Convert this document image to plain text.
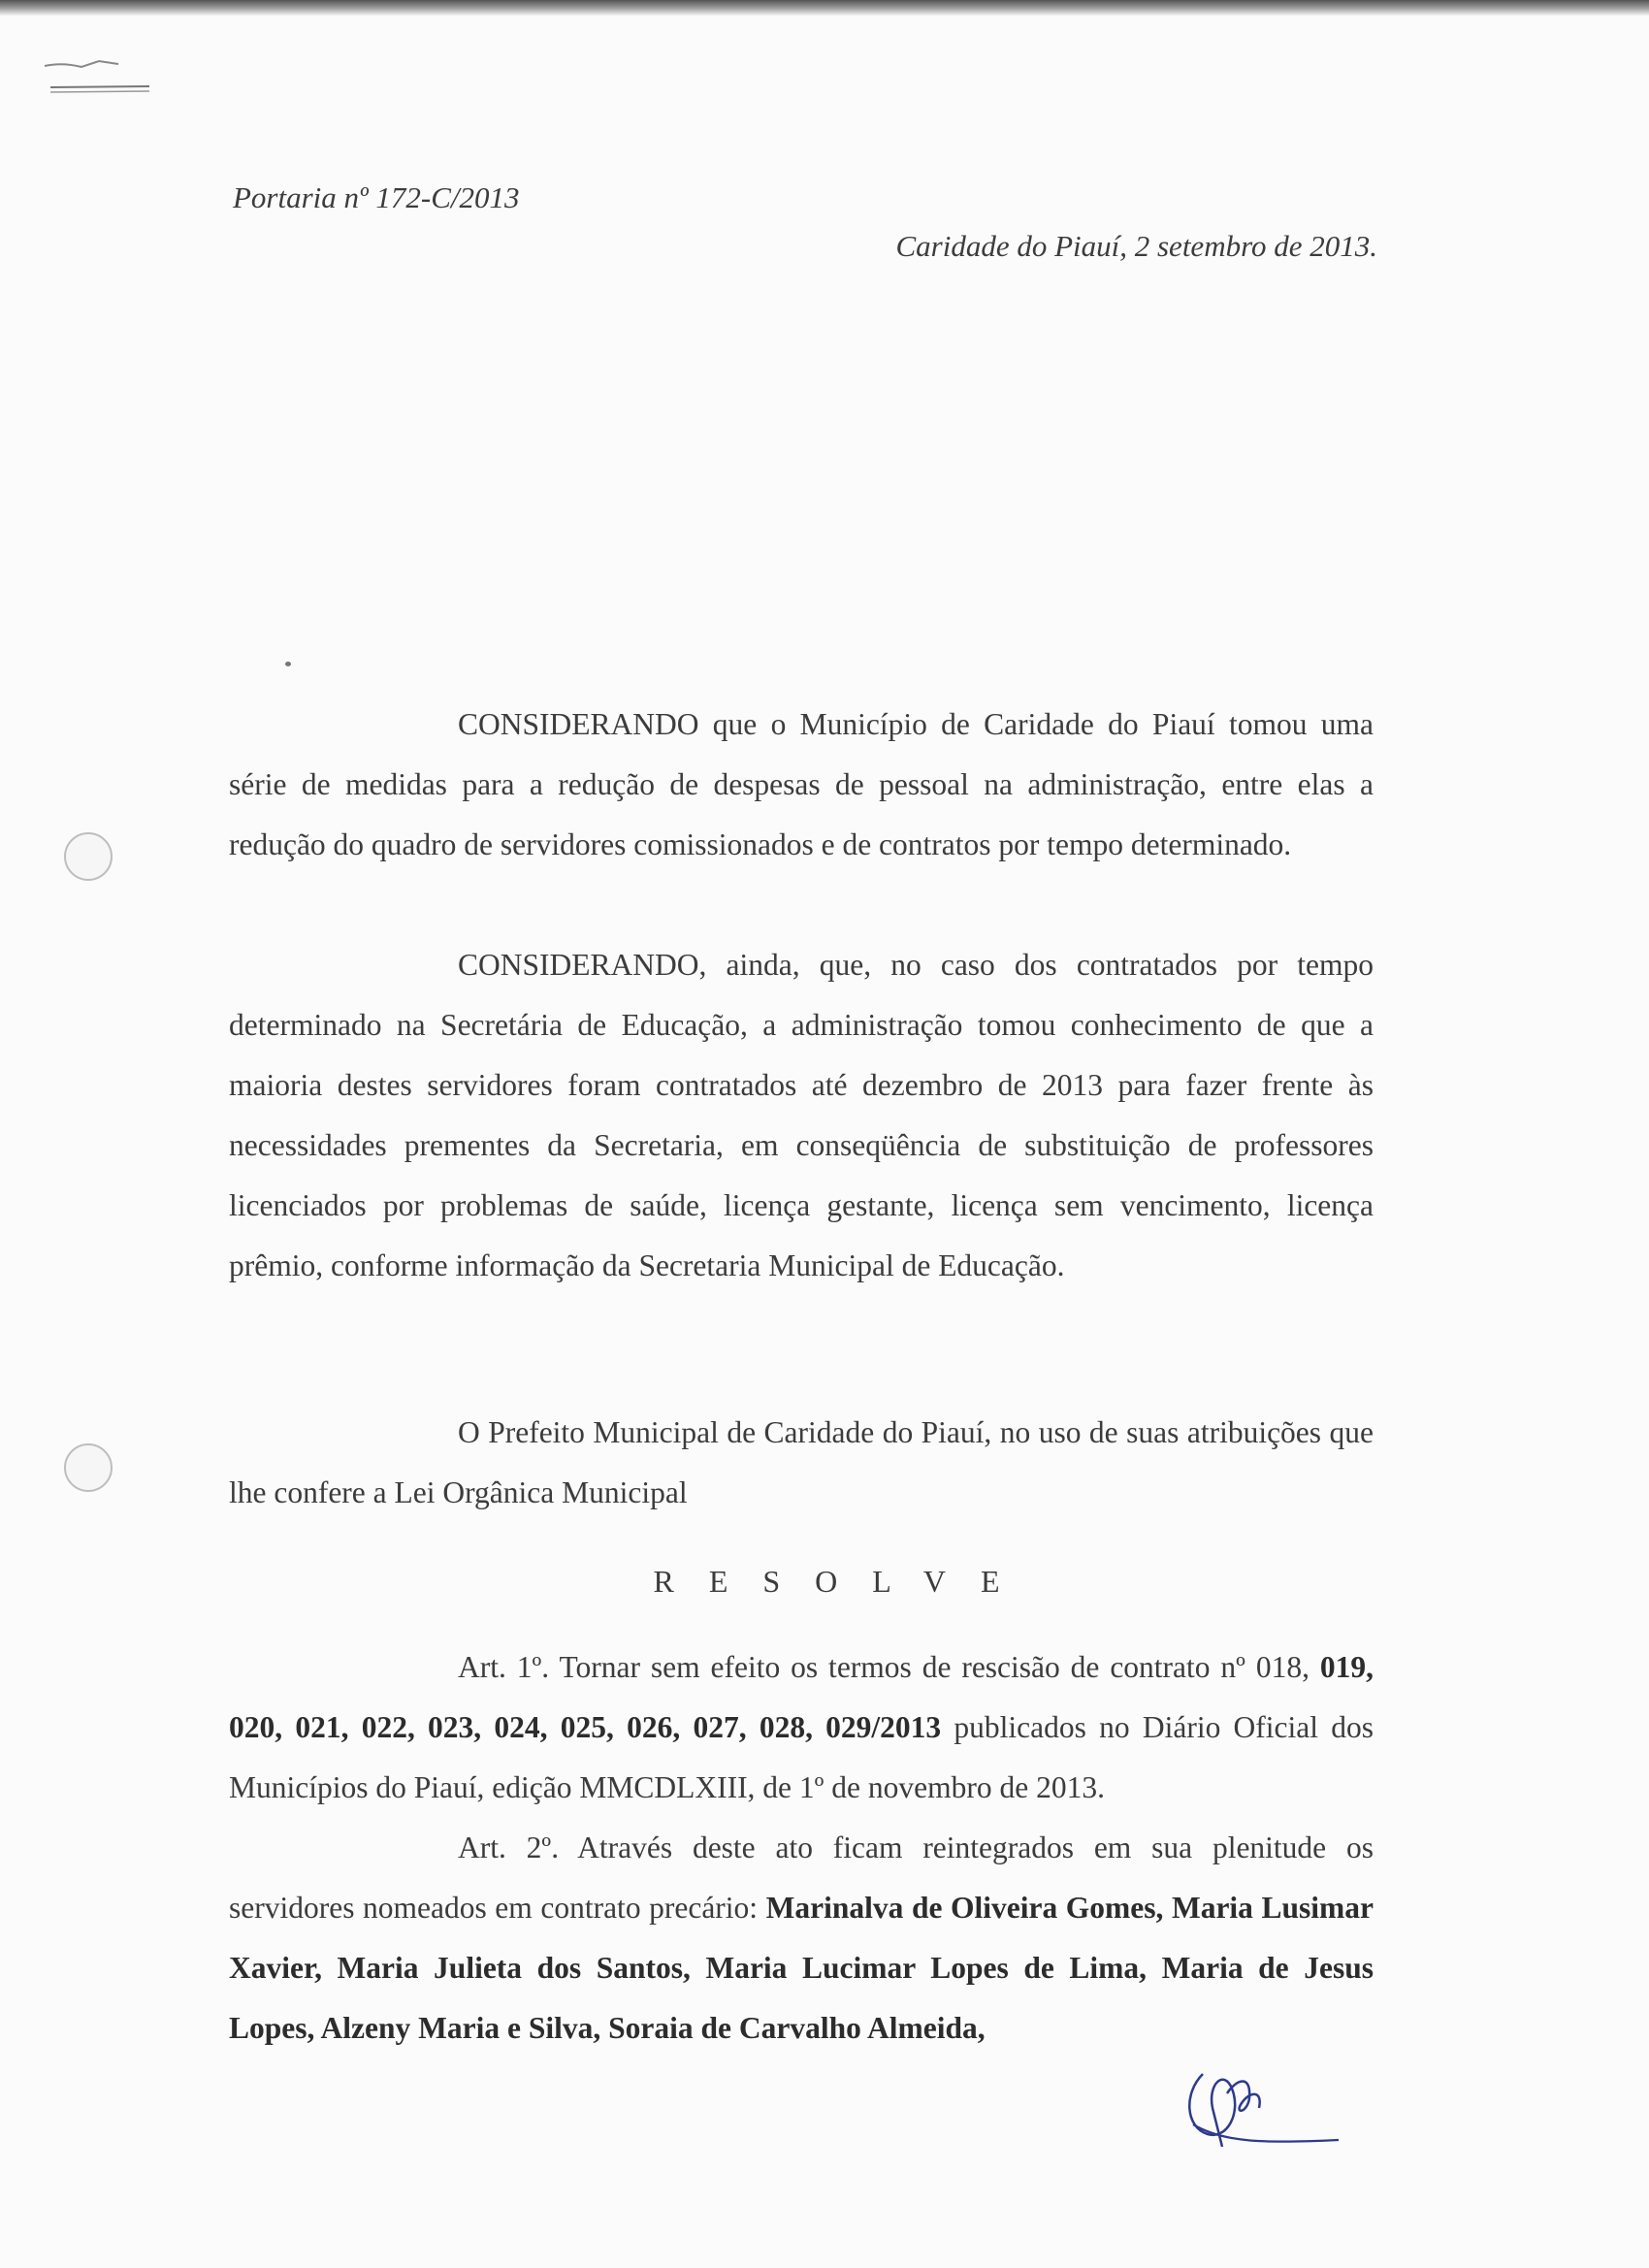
Portaria nº 172-C/2013
Caridade do Piauí, 2 setembro de 2013.

CONSIDERANDO que o Município de Caridade do Piauí tomou uma série de medidas para a redução de despesas de pessoal na administração, entre elas a redução do quadro de servidores comissionados e de contratos por tempo determinado.

CONSIDERANDO, ainda, que, no caso dos contratados por tempo determinado na Secretária de Educação, a administração tomou conhecimento de que a maioria destes servidores foram contratados até dezembro de 2013 para fazer frente às necessidades prementes da Secretaria, em conseqüência de substituição de professores licenciados por problemas de saúde, licença gestante, licença sem vencimento, licença prêmio, conforme informação da Secretaria Municipal de Educação.

O Prefeito Municipal de Caridade do Piauí, no uso de suas atribuições que lhe confere a Lei Orgânica Municipal

RESOLVE

Art. 1º. Tornar sem efeito os termos de rescisão de contrato nº 018, 019, 020, 021, 022, 023, 024, 025, 026, 027, 028, 029/2013 publicados no Diário Oficial dos Municípios do Piauí, edição MMCDLXIII, de 1º de novembro de 2013.

Art. 2º. Através deste ato ficam reintegrados em sua plenitude os servidores nomeados em contrato precário: Marinalva de Oliveira Gomes, Maria Lusimar Xavier, Maria Julieta dos Santos, Maria Lucimar Lopes de Lima, Maria de Jesus Lopes, Alzeny Maria e Silva, Soraia de Carvalho Almeida,
